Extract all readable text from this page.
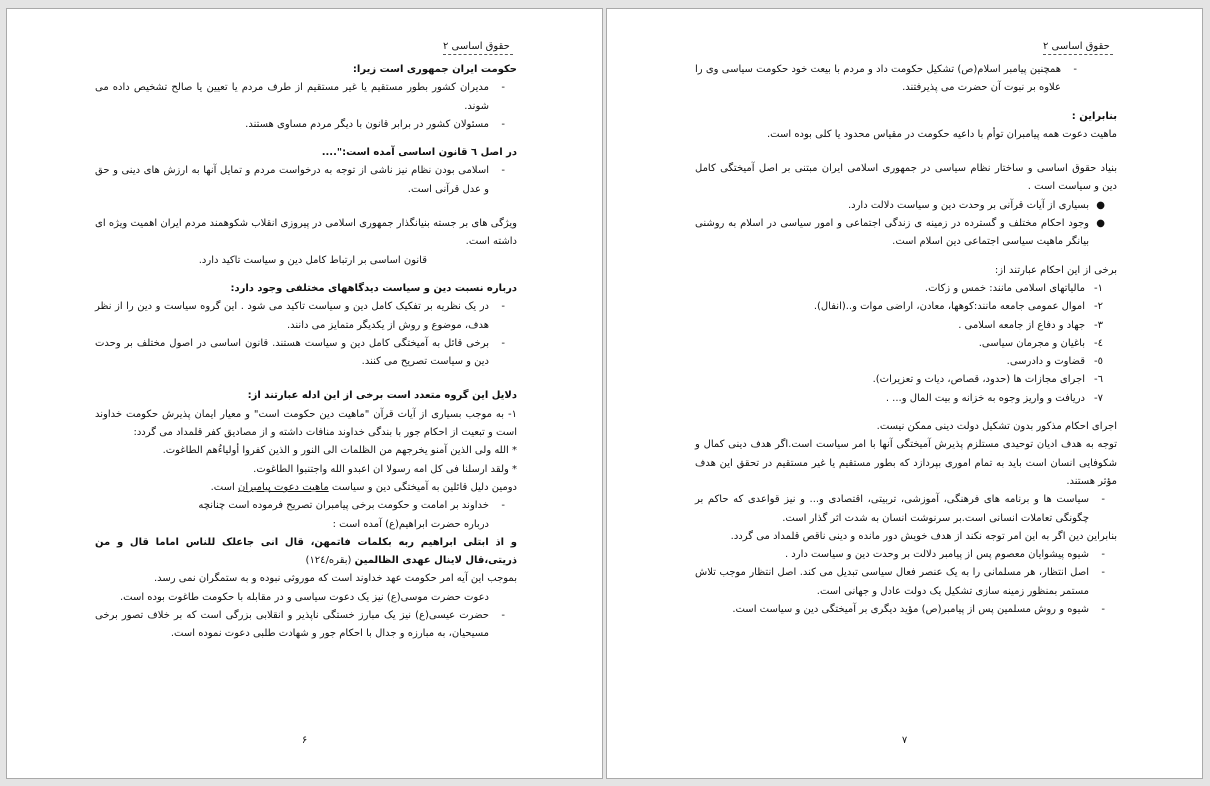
حقوق اساسی ۲

حکومت ایران جمهوری است زیرا:

-
مدیران کشور بطور مستقیم یا غیر مستقیم از طرف مردم یا تعیین یا صالح تشخیص داده می شوند.
-
مسئولان کشور در برابر قانون با دیگر مردم مساوی هستند.

در اصل ٦ قانون اساسی آمده است:"....

-
اسلامی بودن نظام نیز ناشی از توجه به درخواست مردم و تمایل آنها به ارزش های دینی و حق و عدل قرآنی است.

ویژگی های بر جسته بنیانگذار جمهوری اسلامی در پیروزی انقلاب شکوهمند مردم ایران اهمیت ویژه ای داشته است.

قانون اساسی بر ارتباط کامل دین و سیاست تاکید دارد.

درباره نسبت دین و سیاست دیدگاههای مختلفی وجود دارد:

-
در یک نظریه بر تفکیک کامل دین و سیاست تاکید می شود . این گروه سیاست و دین را از نظر هدف، موضوع و روش از یکدیگر متمایز می دانند.
-
برخی قائل به آمیختگی کامل دین و سیاست هستند. قانون اساسی در اصول مختلف بر وحدت دین و سیاست تصریح می کنند.

دلایل این گروه متعدد است برخی از این ادله عبارتند از:

١- به موجب بسیاری از آیات قرآن "ماهیت دین حکومت است" و معیار ایمان پذیرش حکومت خداوند است و تبعیت از احکام جور با بندگی خداوند منافات داشته و از مصادیق کفر قلمداد می گردد:

* الله ولی الذین آمنو یخرجهم من الظلمات الی النور و الذین کفروا أولیاءُهم الطاغوت.

* ولقد ارسلنا فی کل امه رسولا ان اعبدو الله واجتنبوا الطاغوت.

دومین دلیل قائلین به آمیختگی دین و سیاست ماهیت دعوت پیامبران است.

-
خداوند بر امامت و حکومت برخی پیامبران تصریح فرموده است چنانچه

درباره حضرت ابراهیم(ع) آمده است :

و اذ ابتلی ابراهیم ربه بکلمات فاتمهن، قال انی جاعلک للناس اماما قال و من ذریتی،قال لاینال عهدی الظالمین (بقره/١٢٤)

بموجب این آیه امر حکومت عهد خداوند است که موروثی نبوده و به ستمگران نمی رسد.

دعوت حضرت موسی(ع) نیز یک دعوت سیاسی و در مقابله با حکومت طاغوت بوده است.

-
حضرت عیسی(ع) نیز یک مبارز خستگی ناپذیر و انقلابی بزرگی است که بر خلاف تصور برخی مسیحیان، به مبارزه و جدال با احکام جور و شهادت طلبی دعوت نموده است.
۶
حقوق اساسی ۲
-
همچنین پیامبر اسلام(ص) تشکیل حکومت داد و مردم با بیعت خود حکومت سیاسی وی را علاوه بر نبوت آن حضرت می پذیرفتند.

بنابراین :

ماهیت دعوت همه پیامبران توأم با داعیه حکومت در مقیاس محدود یا کلی بوده است.

بنیاد حقوق اساسی و ساختار نظام سیاسی در جمهوری اسلامی ایران مبتنی بر اصل آمیختگی کامل دین و سیاست است .

●
بسیاری از آیات قرآنی بر وحدت دین و سیاست دلالت دارد.
●
وجود احکام مختلف و گسترده در زمینه ی زندگی اجتماعی و امور سیاسی در اسلام به روشنی بیانگر ماهیت سیاسی اجتماعی دین اسلام است.

برخی از این احکام عبارتند از:

١-
مالیاتهای اسلامی مانند: خمس و زکات.
٢-
اموال عمومی جامعه مانند:کوهها، معادن، اراضی موات و..(انفال).
٣-
جهاد و دفاع از جامعه اسلامی .
٤-
باغیان و مجرمان سیاسی.
٥-
قضاوت و دادرسی.
٦-
اجرای مجازات ها (حدود، قصاص، دیات و تعزیرات).
٧-
دریافت و واریز وجوه به خزانه و بیت المال و... .

اجرای احکام مذکور بدون تشکیل دولت دینی ممکن نیست.

توجه به هدف ادیان توحیدی مستلزم پذیرش آمیختگی آنها با امر سیاست است.اگر هدف دینی کمال و شکوفایی انسان است باید به تمام اموری بپردازد که بطور مستقیم یا غیر مستقیم در تحقق این هدف مؤثر هستند.

-
سیاست ها و برنامه های فرهنگی، آموزشی، تربیتی، اقتصادی و... و نیز قواعدی که حاکم بر چگونگی تعاملات انسانی است.بر سرنوشت انسان به شدت اثر گذار است.

بنابراین دین اگر به این امر توجه نکند از هدف خویش دور مانده و دینی ناقص قلمداد می گردد.

-
شیوه پیشوایان معصوم پس از پیامبر دلالت بر وحدت دین و سیاست دارد .
-
اصل انتظار، هر مسلمانی را به یک عنصر فعال سیاسی تبدیل می کند. اصل انتظار موجب تلاش مستمر بمنظور زمینه سازی تشکیل یک دولت عادل و جهانی است.
-
شیوه و روش مسلمین پس از پیامبر(ص) مؤید دیگری بر آمیختگی دین و سیاست است.
۷
